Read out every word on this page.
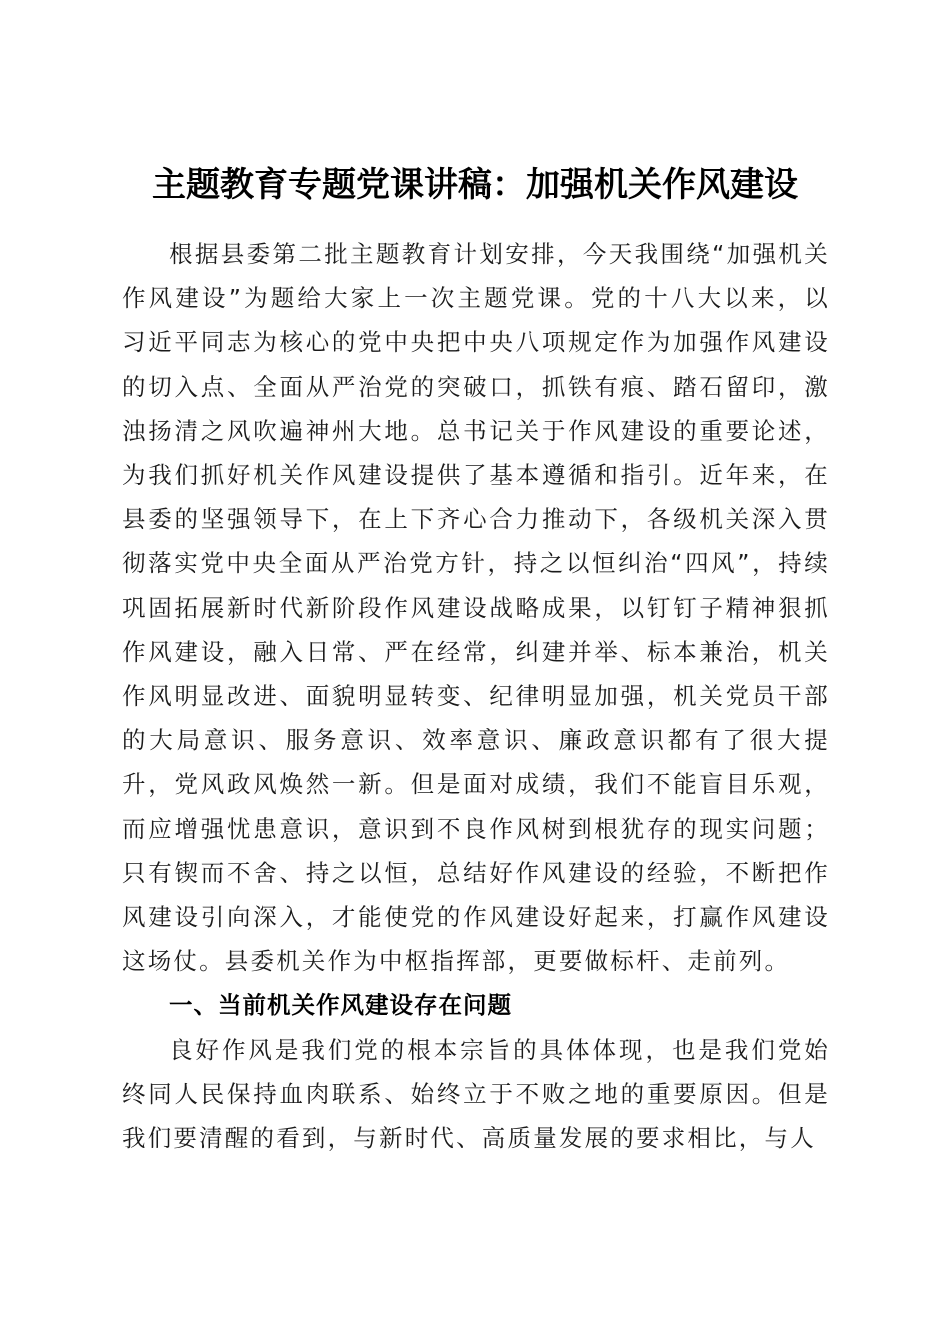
主题教育专题党课讲稿：加强机关作风建设

根据县委第二批主题教育计划安排，今天我围绕“加强机关作风建设”为题给大家上一次主题党课。党的十八大以来，以习近平同志为核心的党中央把中央八项规定作为加强作风建设的切入点、全面从严治党的突破口，抓铁有痕、踏石留印，激浊扬清之风吹遍神州大地。总书记关于作风建设的重要论述，为我们抓好机关作风建设提供了基本遵循和指引。近年来，在县委的坚强领导下，在上下齐心合力推动下，各级机关深入贯彻落实党中央全面从严治党方针，持之以恒纠治“四风”，持续巩固拓展新时代新阶段作风建设战略成果，以钉钉子精神狠抓作风建设，融入日常、严在经常，纠建并举、标本兼治，机关作风明显改进、面貌明显转变、纪律明显加强，机关党员干部的大局意识、服务意识、效率意识、廉政意识都有了很大提升，党风政风焕然一新。但是面对成绩，我们不能盲目乐观，而应增强忧患意识，意识到不良作风树到根犹存的现实问题；只有锲而不舍、持之以恒，总结好作风建设的经验，不断把作风建设引向深入，才能使党的作风建设好起来，打赢作风建设这场仗。县委机关作为中枢指挥部，更要做标杆、走前列。

一、当前机关作风建设存在问题

良好作风是我们党的根本宗旨的具体体现，也是我们党始终同人民保持血肉联系、始终立于不败之地的重要原因。但是我们要清醒的看到，与新时代、高质量发展的要求相比，与人
